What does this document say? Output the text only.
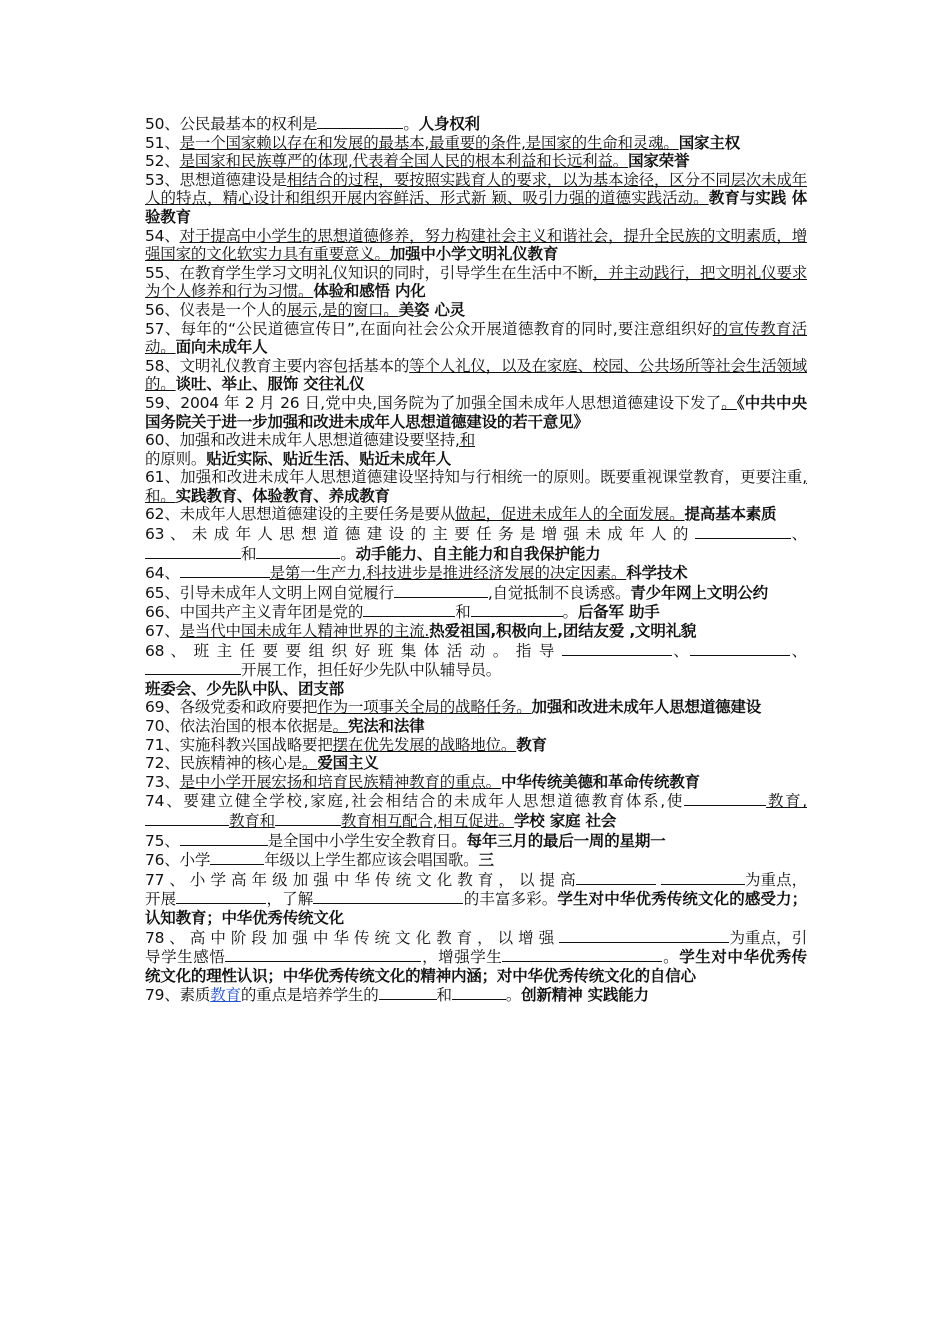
50、公民最基本的权利是	。人身权利

51、是一个国家赖以存在和发展的最基本,最重要的条件,是国家的生命和灵魂。国家主权

52、是国家和民族尊严的体现,代表着全国人民的根本利益和长远利益。国家荣誉

53、思想道德建设是相结合的过程，要按照实践育人的要求，以为基本途径，区分不同层次未成年人的特点，精心设计和组织开展内容鲜活、形式新 颖、吸引力强的道德实践活动。教育与实践 体验教育

54、对于提高中小学生的思想道德修养，努力构建社会主义和谐社会，提升全民族的文明素质，增强国家的文化软实力具有重要意义。加强中小学文明礼仪教育

55、在教育学生学习文明礼仪知识的同时，引导学生在生活中不断，并主动践行，把文明礼仪要求为个人修养和行为习惯。体验和感悟 内化

56、仪表是一个人的展示,是的窗口。美姿 心灵

57、每年的“公民道德宣传日”,在面向社会公众开展道德教育的同时,要注意组织好的宣传教育活动。面向未成年人

58、文明礼仪教育主要内容包括基本的等个人礼仪，以及在家庭、校园、公共场所等社会生活领域的。谈吐、举止、服饰 交往礼仪

59、2004 年 2 月 26 日,党中央,国务院为了加强全国未成年人思想道德建设下发了。《中共中央国务院关于进一步加强和改进未成年人思想道德建设的若干意见》

60、加强和改进未成年人思想道德建设要坚持,和
的原则。贴近实际、贴近生活、贴近未成年人

61、加强和改进未成年人思想道德建设坚持知与行相统一的原则。既要重视课堂教育，更要注重,和。实践教育、体验教育、养成教育

62、未成年人思想道德建设的主要任务是要从做起，促进未成年人的全面发展。提高基本素质

63 、 未 成 年 人 思 想 道 德 建 设 的 主 要 任 务 是 增 强 未 成 年 人 的	、和	。动手能力、自主能力和自我保护能力

64、	是第一生产力,科技进步是推进经济发展的决定因素。科学技术

65、引导未成年人文明上网自觉履行	,自觉抵制不良诱惑。青少年网上文明公约

66、中国共产主义青年团是党的	和	。后备军 助手

67、是当代中国未成年人精神世界的主流.热爱祖国,积极向上,团结友爱 ,文明礼貌

68 、 班 主 任 要 要 组 织 好 班 集 体 活 动 。 指 导	、	、开展工作，担任好少先队中队辅导员。
班委会、少先队中队、团支部

69、各级党委和政府要把作为一项事关全局的战略任务。加强和改进未成年人思想道德建设

70、依法治国的根本依据是。宪法和法律

71、实施科教兴国战略要把摆在优先发展的战略地位。教育

72、民族精神的核心是。爱国主义

73、是中小学开展宏扬和培育民族精神教育的重点。中华传统美德和革命传统教育

74、要建立健全学校,家庭,社会相结合的未成年人思想道德教育体系,使	教育,教育和	教育相互配合,相互促进。学校 家庭 社会

75、	是全国中小学生安全教育日。每年三月的最后一周的星期一

76、小学	年级以上学生都应该会唱国歌。三

77 、 小 学 高 年 级 加 强 中 华 传 统 文 化 教 育 ， 以 提 高	为重点，开展	，了解	的丰富多彩。学生对中华优秀传统文化的感受力；认知教育；中华优秀传统文化

78 、 高 中 阶 段 加 强 中 华 传 统 文 化 教 育 ， 以 增 强	为重点，引导学生感悟	，增强学生	。学生对中华优秀传统文化的理性认识；中华优秀传统文化的精神内涵；对中华优秀传统文化的自信心

79、素质教育的重点是培养学生的	和	。创新精神 实践能力
